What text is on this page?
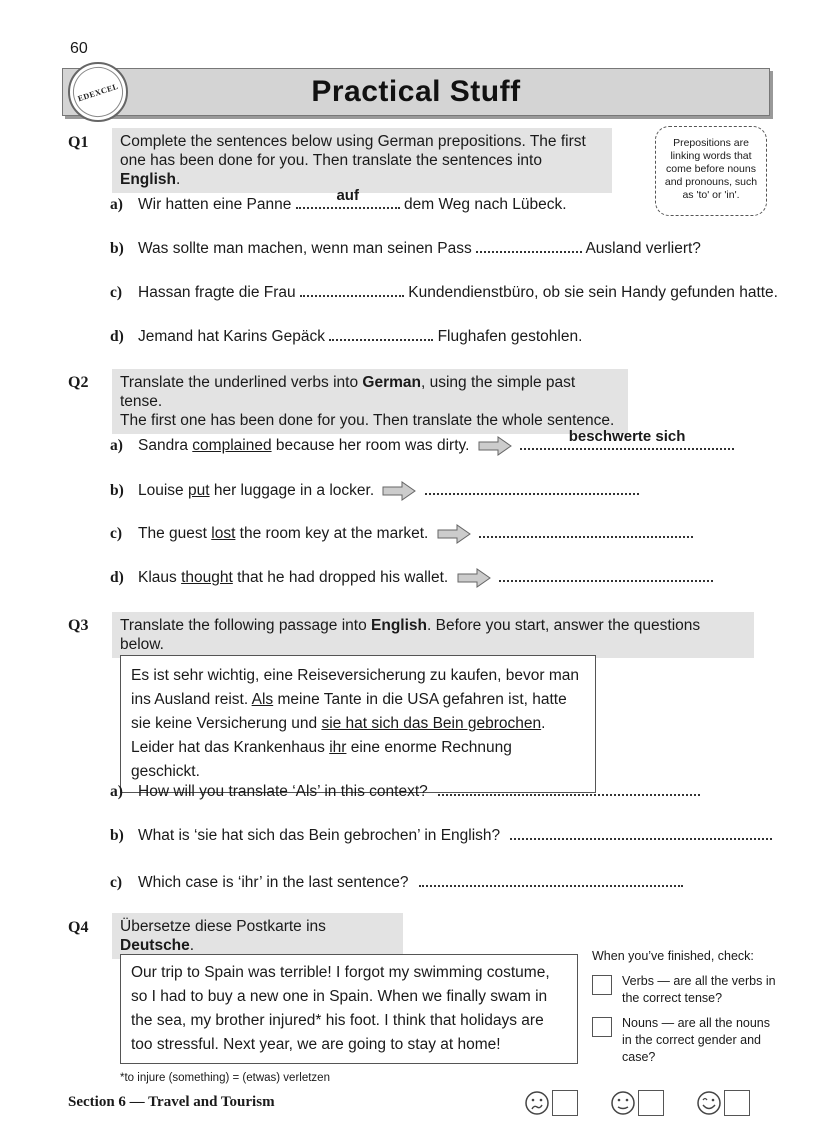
60
Practical Stuff
EDEXCEL
Prepositions are linking words that come before nouns and pronouns, such as 'to' or 'in'.
Q1	Complete the sentences below using German prepositions. The first one has been done for you. Then translate the sentences into English.
a) Wir hatten eine Panne
auf
dem Weg nach Lübeck.
b) Was sollte man machen, wenn man seinen Pass	Ausland verliert?
c) Hassan fragte die Frau	Kundendienstbüro, ob sie sein Handy gefunden hatte.
d) Jemand hat Karins Gepäck	Flughafen gestohlen.
Q2	Translate the underlined verbs into German, using the simple past tense.
The first one has been done for you. Then translate the whole sentence.
a) Sandra complained because her room was dirty.
beschwerte sich
b) Louise put her luggage in a locker.
c) The guest lost the room key at the market.
d) Klaus thought that he had dropped his wallet.
Q3	Translate the following passage into English. Before you start, answer the questions below.
Es ist sehr wichtig, eine Reiseversicherung zu kaufen, bevor man
ins Ausland reist. Als meine Tante in die USA gefahren ist, hatte
sie keine Versicherung und sie hat sich das Bein gebrochen.
Leider hat das Krankenhaus ihr eine enorme Rechnung geschickt.
a) How will you translate ‘Als’ in this context?
b) What is ‘sie hat sich das Bein gebrochen’ in English?
c) Which case is ‘ihr’ in the last sentence?
Q4	Übersetze diese Postkarte ins Deutsche.
Our trip to Spain was terrible! I forgot my swimming costume,
so I had to buy a new one in Spain. When we finally swam in
the sea, my brother injured* his foot. I think that holidays are
too stressful. Next year, we are going to stay at home!
*to injure (something) = (etwas) verletzen
When you’ve finished, check:
Verbs — are all the verbs in the correct tense?
Nouns — are all the nouns in the correct gender and case?
Section 6 — Travel and Tourism
